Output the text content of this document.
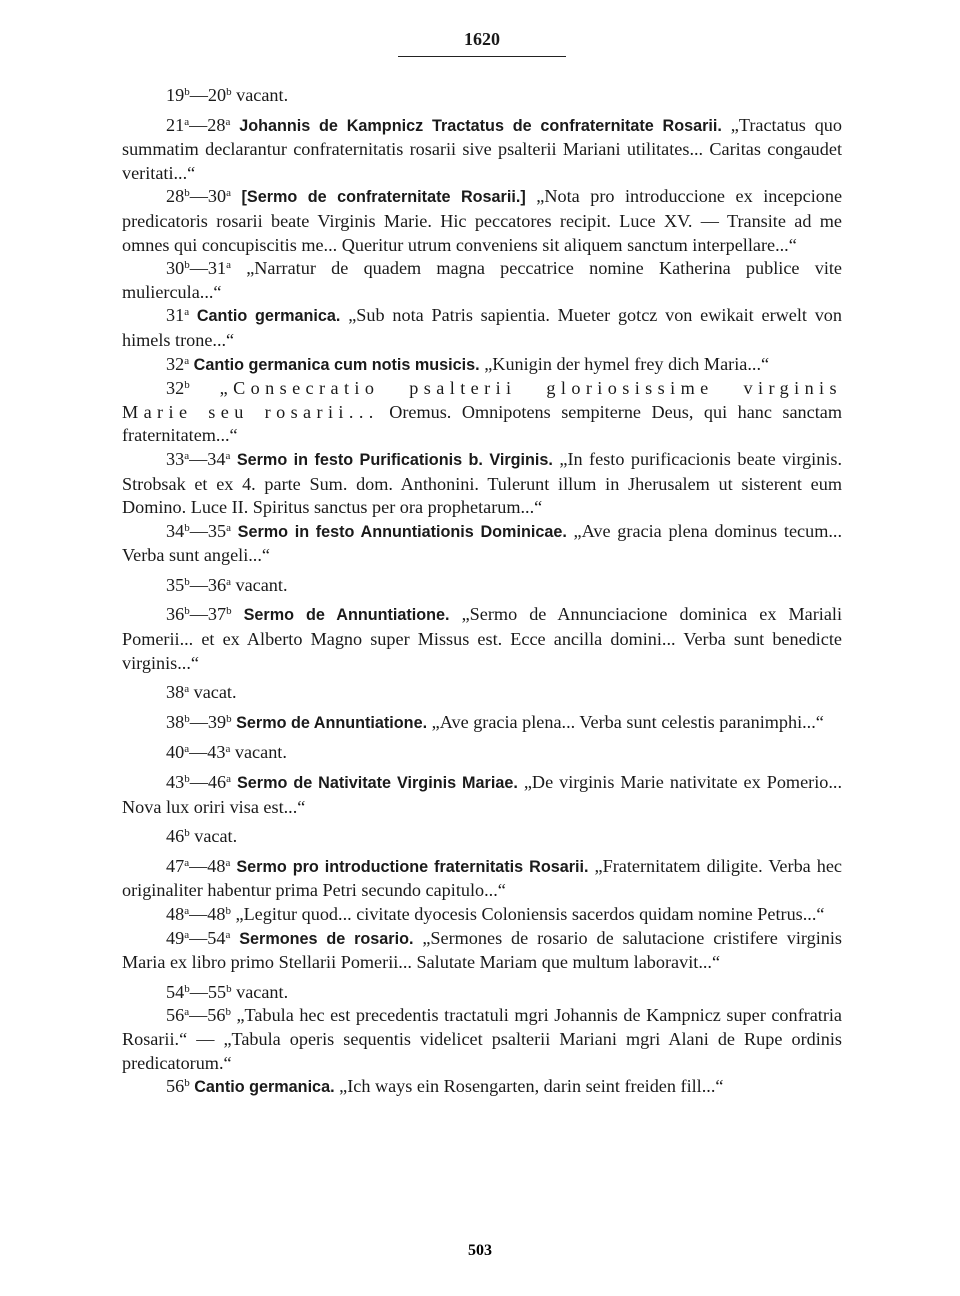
1620

19$^b$—20$^b$ vacant.

21$^a$—28$^a$ Johannis de Kampnicz Tractatus de confraternitate Rosarii. „Tractatus quo summatim declarantur confraternitatis rosarii sive psalterii Mariani utilitates... Caritas congaudet veritati...“

28$^b$—30$^a$ [Sermo de confraternitate Rosarii.] „Nota pro introduccione ex incepcione predicatoris rosarii beate Virginis Marie. Hic peccatores recipit. Luce XV. — Transite ad me omnes qui concupiscitis me... Queritur utrum conveniens sit aliquem sanctum interpellare...“

30$^b$—31$^a$ „Narratur de quadem magna peccatrice nomine Katherina publice vite muliercula...“

31$^a$ Cantio germanica. „Sub nota Patris sapientia. Mueter gotcz von ewikait erwelt von himels trone...“

32$^a$ Cantio germanica cum notis musicis. „Kunigin der hymel frey dich Maria...“

32$^b$ „Consecratio psalterii gloriosissime virginis Marie seu rosarii... Oremus. Omnipotens sempiterne Deus, qui hanc sanctam fraternitatem...“

33$^a$—34$^a$ Sermo in festo Purificationis b. Virginis. „In festo purificacionis beate virginis. Strobsak et ex 4. parte Sum. dom. Anthonini. Tulerunt illum in Jherusalem ut sisterent eum Domino. Luce II. Spiritus sanctus per ora prophetarum...“

34$^b$—35$^a$ Sermo in festo Annuntiationis Dominicae. „Ave gracia plena dominus tecum... Verba sunt angeli...“

35$^b$—36$^a$ vacant.

36$^b$—37$^b$ Sermo de Annuntiatione. „Sermo de Annunciacione dominica ex Mariali Pomerii... et ex Alberto Magno super Missus est. Ecce ancilla domini... Verba sunt benedicte virginis...“

38$^a$ vacat.

38$^b$—39$^b$ Sermo de Annuntiatione. „Ave gracia plena... Verba sunt celestis paranimphi...“

40$^a$—43$^a$ vacant.

43$^b$—46$^a$ Sermo de Nativitate Virginis Mariae. „De virginis Marie nativitate ex Pomerio... Nova lux oriri visa est...“

46$^b$ vacat.

47$^a$—48$^a$ Sermo pro introductione fraternitatis Rosarii. „Fraternitatem diligite. Verba hec originaliter habentur prima Petri secundo capitulo...“

48$^a$—48$^b$ „Legitur quod... civitate dyocesis Coloniensis sacerdos quidam nomine Petrus...“

49$^a$—54$^a$ Sermones de rosario. „Sermones de rosario de salutacione cristifere virginis Maria ex libro primo Stellarii Pomerii... Salutate Mariam que multum laboravit...“

54$^b$—55$^b$ vacant.

56$^a$—56$^b$ „Tabula hec est precedentis tractatuli mgri Johannis de Kampnicz super confratria Rosarii.“ — „Tabula operis sequentis videlicet psalterii Mariani mgri Alani de Rupe ordinis predicatorum.“

56$^b$ Cantio germanica. „Ich ways ein Rosengarten, darin seint freiden fill...“

503
